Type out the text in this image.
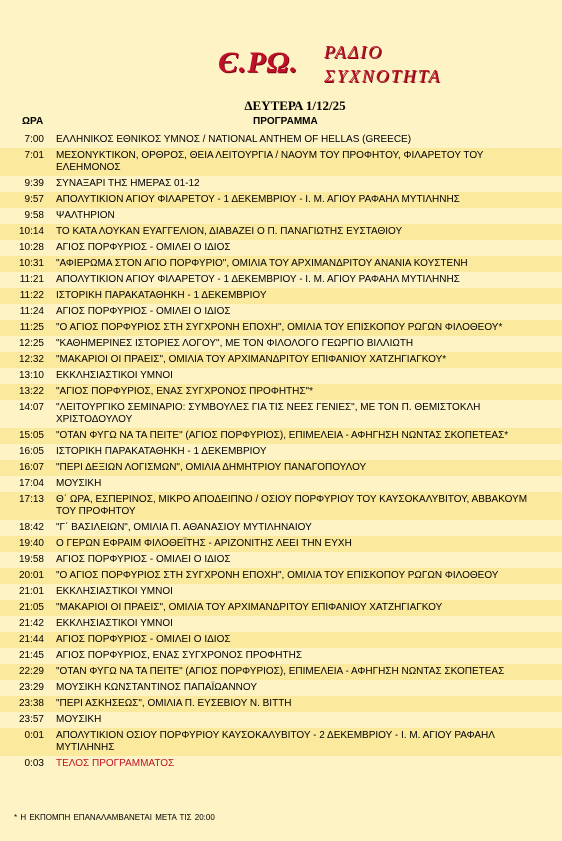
Є.ΡΩ. ΡΑΔΙΟ
ΣΥΧΝΟΤΗΤΑ
ΔΕΥΤΕΡΑ 1/12/25
ΩΡΑ	ΠΡΟΓΡΑΜΜΑ
7:00 ΕΛΛΗΝΙΚΟΣ ΕΘΝΙΚΟΣ ΥΜΝΟΣ / NATIONAL ANTHEM OF HELLAS (GREECE)
7:01 ΜΕΣΟΝΥΚΤΙΚΟΝ, ΟΡΘΡΟΣ, ΘΕΙΑ ΛΕΙΤΟΥΡΓΙΑ / ΝΑΟΥΜ ΤΟΥ ΠΡΟΦΗΤΟΥ, ΦΙΛΑΡΕΤΟΥ ΤΟΥ ΕΛΕΗΜΟΝΟΣ
9:39 ΣΥΝΑΞΑΡΙ ΤΗΣ ΗΜΕΡΑΣ 01-12
9:57 ΑΠΟΛΥΤΙΚΙΟΝ ΑΓΙΟΥ ΦΙΛΑΡΕΤΟΥ - 1 ΔΕΚΕΜΒΡΙΟΥ - Ι. Μ. ΑΓΙΟΥ ΡΑΦΑΗΛ ΜΥΤΙΛΗΝΗΣ
9:58 ΨΑΛΤΗΡΙΟΝ
10:14 ΤΟ ΚΑΤΑ ΛΟΥΚΑΝ ΕΥΑΓΓΕΛΙΟΝ, ΔΙΑΒΑΖΕΙ Ο Π. ΠΑΝΑΓΙΩΤΗΣ ΕΥΣΤΑΘΙΟΥ
10:28 ΑΓΙΟΣ ΠΟΡΦΥΡΙΟΣ - ΟΜΙΛΕΙ Ο ΙΔΙΟΣ
10:31 "ΑΦΙΕΡΩΜΑ ΣΤΟΝ ΑΓΙΟ ΠΟΡΦΥΡΙΟ", ΟΜΙΛΙΑ ΤΟΥ ΑΡΧΙΜΑΝΔΡΙΤΟΥ ΑΝΑΝΙΑ ΚΟΥΣΤΕΝΗ
11:21 ΑΠΟΛΥΤΙΚΙΟΝ ΑΓΙΟΥ ΦΙΛΑΡΕΤΟΥ - 1 ΔΕΚΕΜΒΡΙΟΥ - Ι. Μ. ΑΓΙΟΥ ΡΑΦΑΗΛ ΜΥΤΙΛΗΝΗΣ
11:22 ΙΣΤΟΡΙΚΗ ΠΑΡΑΚΑΤΑΘΗΚΗ - 1 ΔΕΚΕΜΒΡΙΟΥ
11:24 ΑΓΙΟΣ ΠΟΡΦΥΡΙΟΣ - ΟΜΙΛΕΙ Ο ΙΔΙΟΣ
11:25 "Ο ΑΓΙΟΣ ΠΟΡΦΥΡΙΟΣ ΣΤΗ ΣΥΓΧΡΟΝΗ ΕΠΟΧΗ", ΟΜΙΛΙΑ ΤΟΥ ΕΠΙΣΚΟΠΟΥ ΡΩΓΩΝ ΦΙΛΟΘΕΟΥ*
12:25 "ΚΑΘΗΜΕΡΙΝΕΣ ΙΣΤΟΡΙΕΣ ΛΟΓΟΥ", ΜΕ ΤΟΝ ΦΙΛΟΛΟΓΟ ΓΕΩΡΓΙΟ ΒΙΛΛΙΩΤΗ
12:32 "ΜΑΚΑΡΙΟΙ ΟΙ ΠΡΑΕΙΣ", ΟΜΙΛΙΑ ΤΟΥ ΑΡΧΙΜΑΝΔΡΙΤΟΥ ΕΠΙΦΑΝΙΟΥ ΧΑΤΖΗΓΙΑΓΚΟΥ*
13:10 ΕΚΚΛΗΣΙΑΣΤΙΚΟΙ ΥΜΝΟΙ
13:22 "ΑΓΙΟΣ ΠΟΡΦΥΡΙΟΣ, ΕΝΑΣ ΣΥΓΧΡΟΝΟΣ ΠΡΟΦΗΤΗΣ"*
14:07 "ΛΕΙΤΟΥΡΓΙΚΟ ΣΕΜΙΝΑΡΙΟ: ΣΥΜΒΟΥΛΕΣ ΓΙΑ ΤΙΣ ΝΕΕΣ ΓΕΝΙΕΣ", ΜΕ ΤΟΝ Π. ΘΕΜΙΣΤΟΚΛΗ ΧΡΙΣΤΟΔΟΥΛΟΥ
15:05 "ΟΤΑΝ ΦΥΓΩ ΝΑ ΤΑ ΠΕΙΤΕ" (ΑΓΙΟΣ ΠΟΡΦΥΡΙΟΣ), ΕΠΙΜΕΛΕΙΑ - ΑΦΗΓΗΣΗ ΝΩΝΤΑΣ ΣΚΟΠΕΤΕΑΣ*
16:05 ΙΣΤΟΡΙΚΗ ΠΑΡΑΚΑΤΑΘΗΚΗ - 1 ΔΕΚΕΜΒΡΙΟΥ
16:07 "ΠΕΡΙ ΔΕΞΙΩΝ ΛΟΓΙΣΜΩΝ", ΟΜΙΛΙΑ ΔΗΜΗΤΡΙΟΥ ΠΑΝΑΓΟΠΟΥΛΟΥ
17:04 ΜΟΥΣΙΚΗ
17:13 Θ΄ ΩΡΑ, ΕΣΠΕΡΙΝΟΣ, ΜΙΚΡΟ ΑΠΟΔΕΙΠΝΟ / ΟΣΙΟΥ ΠΟΡΦΥΡΙΟΥ ΤΟΥ ΚΑΥΣΟΚΑΛΥΒΙΤΟΥ, ΑΒΒΑΚΟΥΜ ΤΟΥ ΠΡΟΦΗΤΟΥ
18:42 "Γ΄ ΒΑΣΙΛΕΙΩΝ", ΟΜΙΛΙΑ Π. ΑΘΑΝΑΣΙΟΥ ΜΥΤΙΛΗΝΑΙΟΥ
19:40 Ο ΓΕΡΩΝ ΕΦΡΑΙΜ ΦΙΛΟΘΕΪΤΗΣ - ΑΡΙΖΟΝΙΤΗΣ ΛΕΕΙ ΤΗΝ ΕΥΧΗ
19:58 ΑΓΙΟΣ ΠΟΡΦΥΡΙΟΣ - ΟΜΙΛΕΙ Ο ΙΔΙΟΣ
20:01 "Ο ΑΓΙΟΣ ΠΟΡΦΥΡΙΟΣ ΣΤΗ ΣΥΓΧΡΟΝΗ ΕΠΟΧΗ", ΟΜΙΛΙΑ ΤΟΥ ΕΠΙΣΚΟΠΟΥ ΡΩΓΩΝ ΦΙΛΟΘΕΟΥ
21:01 ΕΚΚΛΗΣΙΑΣΤΙΚΟΙ ΥΜΝΟΙ
21:05 "ΜΑΚΑΡΙΟΙ ΟΙ ΠΡΑΕΙΣ", ΟΜΙΛΙΑ ΤΟΥ ΑΡΧΙΜΑΝΔΡΙΤΟΥ ΕΠΙΦΑΝΙΟΥ ΧΑΤΖΗΓΙΑΓΚΟΥ
21:42 ΕΚΚΛΗΣΙΑΣΤΙΚΟΙ ΥΜΝΟΙ
21:44 ΑΓΙΟΣ ΠΟΡΦΥΡΙΟΣ - ΟΜΙΛΕΙ Ο ΙΔΙΟΣ
21:45 ΑΓΙΟΣ ΠΟΡΦΥΡΙΟΣ, ΕΝΑΣ ΣΥΓΧΡΟΝΟΣ ΠΡΟΦΗΤΗΣ
22:29 "ΟΤΑΝ ΦΥΓΩ ΝΑ ΤΑ ΠΕΙΤΕ" (ΑΓΙΟΣ ΠΟΡΦΥΡΙΟΣ), ΕΠΙΜΕΛΕΙΑ - ΑΦΗΓΗΣΗ ΝΩΝΤΑΣ ΣΚΟΠΕΤΕΑΣ
23:29 ΜΟΥΣΙΚΗ ΚΩΝΣΤΑΝΤΙΝΟΣ ΠΑΠΑΪΩΑΝΝΟΥ
23:38 "ΠΕΡΙ ΑΣΚΗΣΕΩΣ", ΟΜΙΛΙΑ Π. ΕΥΣΕΒΙΟΥ Ν. ΒΙΤΤΗ
23:57 ΜΟΥΣΙΚΗ
0:01 ΑΠΟΛΥΤΙΚΙΟΝ ΟΣΙΟΥ ΠΟΡΦΥΡΙΟΥ ΚΑΥΣΟΚΑΛΥΒΙΤΟΥ - 2 ΔΕΚΕΜΒΡΙΟΥ - Ι. Μ. ΑΓΙΟΥ ΡΑΦΑΗΛ ΜΥΤΙΛΗΝΗΣ
0:03 ΤΕΛΟΣ ΠΡΟΓΡΑΜΜΑΤΟΣ
* Η ΕΚΠΟΜΠΗ ΕΠΑΝΑΛΑΜΒΑΝΕΤΑΙ ΜΕΤΑ ΤΙΣ 20:00
